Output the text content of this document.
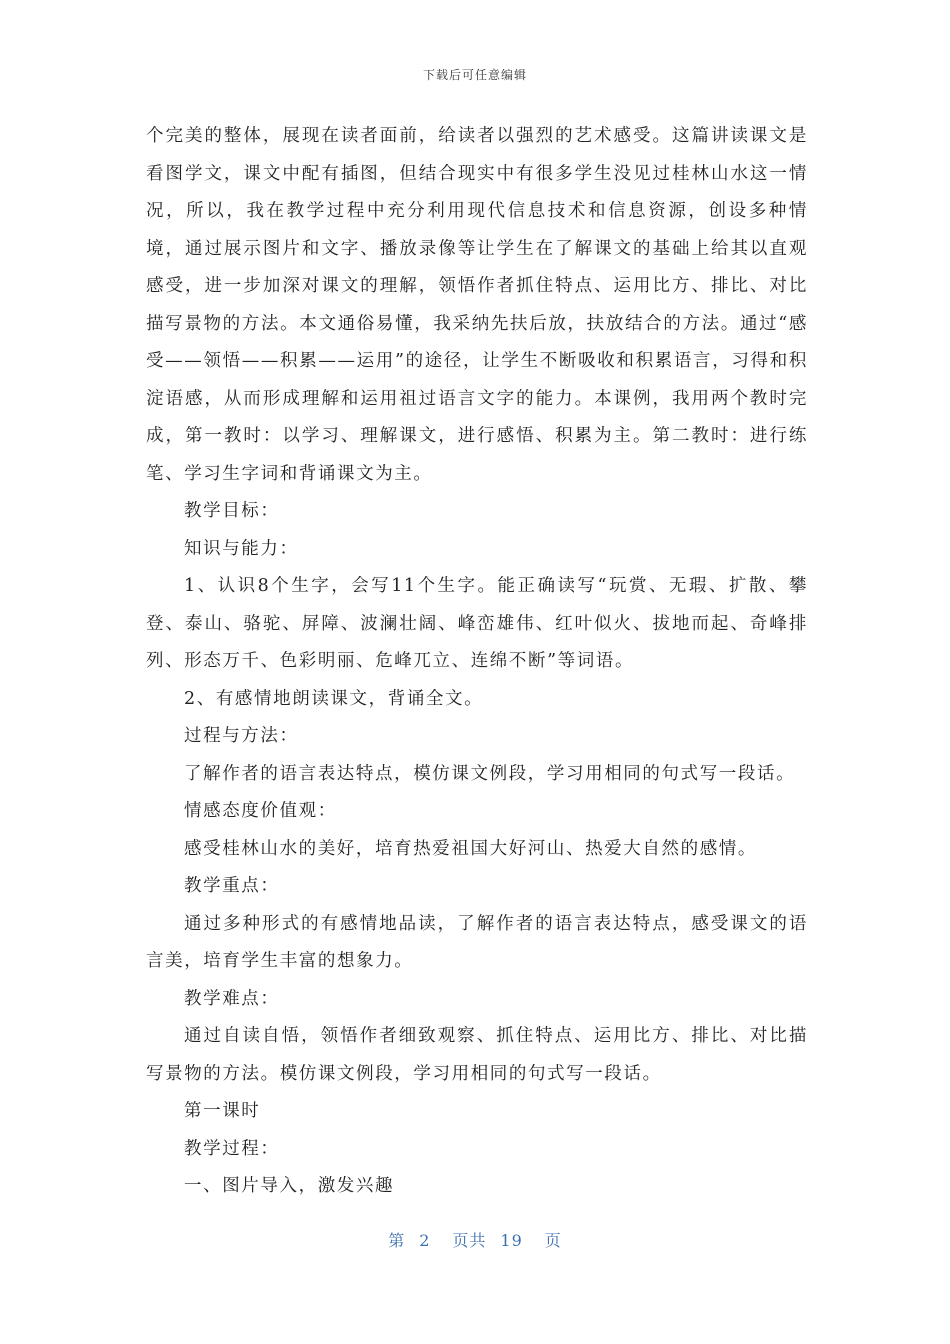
下载后可任意编辑

个完美的整体，展现在读者面前，给读者以强烈的艺术感受。这篇讲读课文是看图学文，课文中配有插图，但结合现实中有很多学生没见过桂林山水这一情况，所以，我在教学过程中充分利用现代信息技术和信息资源，创设多种情境，通过展示图片和文字、播放录像等让学生在了解课文的基础上给其以直观感受，进一步加深对课文的理解，领悟作者抓住特点、运用比方、排比、对比描写景物的方法。本文通俗易懂，我采纳先扶后放，扶放结合的方法。通过“感受——领悟——积累——运用”的途径，让学生不断吸收和积累语言，习得和积淀语感，从而形成理解和运用祖过语言文字的能力。本课例，我用两个教时完成，第一教时：以学习、理解课文，进行感悟、积累为主。第二教时：进行练笔、学习生字词和背诵课文为主。

教学目标：

知识与能力：

1、认识8个生字，会写11个生字。能正确读写“玩赏、无瑕、扩散、攀登、泰山、骆驼、屏障、波澜壮阔、峰峦雄伟、红叶似火、拔地而起、奇峰排列、形态万千、色彩明丽、危峰兀立、连绵不断”等词语。

2、有感情地朗读课文，背诵全文。

过程与方法：

了解作者的语言表达特点，模仿课文例段，学习用相同的句式写一段话。

情感态度价值观：

感受桂林山水的美好，培育热爱祖国大好河山、热爱大自然的感情。

教学重点：

通过多种形式的有感情地品读，了解作者的语言表达特点，感受课文的语言美，培育学生丰富的想象力。

教学难点：

通过自读自悟，领悟作者细致观察、抓住特点、运用比方、排比、对比描写景物的方法。模仿课文例段，学习用相同的句式写一段话。

第一课时

教学过程：

一、图片导入，激发兴趣

第 2 页共 19 页
